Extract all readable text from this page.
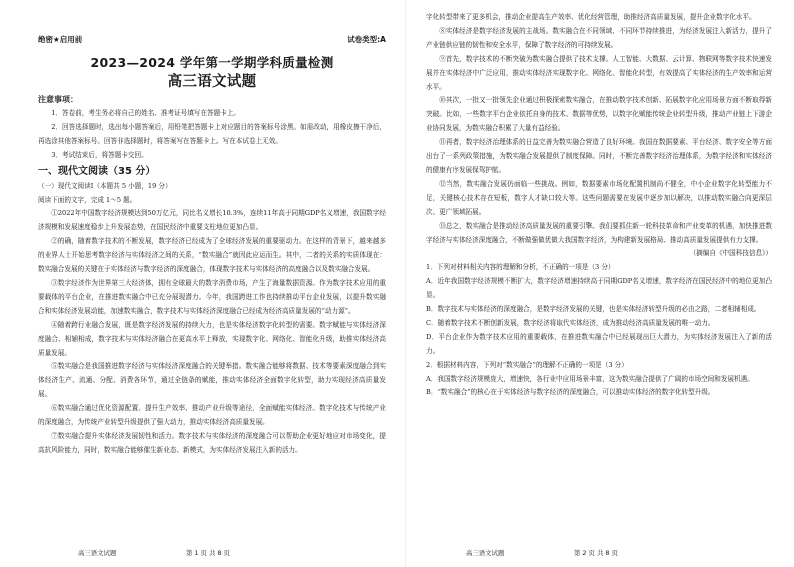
绝密★启用前	试卷类型:A
2023—2024 学年第一学期学科质量检测
高三语文试题
注意事项：

1．答卷前，考生务必将自己的姓名、准考证号填写在答题卡上。

2．回答选择题时，选出每小题答案后，用铅笔把答题卡上对应题目的答案标号涂黑。如需改动，用橡皮擦干净后，再选涂其他答案标号。回答非选择题时，将答案写在答题卡上。写在本试卷上无效。

3．考试结束后，将答题卡交回。

一、现代文阅读（35 分）

（一）现代文阅读I（本题共 5 小题，19 分）

阅读下面的文字，完成 1～5 题。

①2022年中国数字经济规模达到50万亿元，同比名义增长10.3%，连续11年高于同期GDP名义增速，我国数字经济规模和发展速度稳步上升发展态势，在国民经济中重要支柱地位更加凸显。

②的确，随着数字技术的不断发展，数字经济已经成为了全球经济发展的重要驱动力。在这样的背景下，越来越多的业界人士开始思考数字经济与实体经济之间的关系，“数实融合”就因此应运而生。其中，二者的关系的实质体现在：数实融合发展的关键在于实体经济与数字经济的深度融合，体现数字技术与实体经济的高度融合以及数实融合发展。

③数字经济作为世界第三大经济体，拥有全球最大的数字消费市场，产生了海量数据资源。作为数字技术应用的重要载体的平台企业，在推进数实融合中已充分展现潜力。今年，我国跨进工作也持续推动平台企业发展，以提升数实融合和实体经济发展动能，加速数实融合，数字技术与实体经济深度融合已经成为经济高质量发展的“动力源”。

④随着跨行业融合发展，既是数字经济发展的持续大力，也是实体经济数字化转型的需要。数字赋能与实体经济深度融合、相辅相成，数字技术与实体经济融合在更高水平上释放，实现数字化、网络化、智能化升级，助推实体经济高质量发展。

⑤数实融合是我国推进数字经济与实体经济深度融合的关键举措。数实融合能够将数据、技术等要素深度融合到实体经济生产、流通、分配、消费各环节，通过全链条的赋能，推动实体经济全面数字化转型，助力实现经济高质量发展。

⑥数实融合通过优化资源配置、提升生产效率、推动产业升级等途径，全面赋能实体经济。数字化技术与传统产业的深度融合，为传统产业转型升级提供了强大动力，推动实体经济高质量发展。

⑦数实融合提升实体经济发展韧性和活力。数字技术与实体经济的深度融合可以帮助企业更好地应对市场变化，提高抗风险能力，同时，数实融合能够催生新业态、新模式，为实体经济发展注入新的活力。

高三语文试题	第 1 页 共 8 页

字化转型带来了更多机会，推动企业提高生产效率、优化经营管理，助推经济高质量发展，提升企业数字化水平。

⑧实体经济是数字经济发展的主战场。数实融合在不同领域、不同环节持续推进，为经济发展注入新活力，提升了产业链供应链的韧性和安全水平，保障了数字经济的可持续发展。

⑨首先，数字技术的不断突破为数实融合提供了技术支撑。人工智能、大数据、云计算、物联网等数字技术快速发展并在实体经济中广泛应用，推动实体经济实现数字化、网络化、智能化转型，有效提高了实体经济的生产效率和运营水平。

⑩其次，一批又一批领先企业通过积极探索数实融合，在推动数字技术创新、拓展数字化应用场景方面不断取得新突破。比如，一些数字平台企业依托自身的技术、数据等优势，以数字化赋能传统企业转型升级，推动产业链上下游企业协同发展，为数实融合积累了大量有益经验。

⑪再者，数字经济治理体系的日益完善为数实融合营造了良好环境。我国在数据要素、平台经济、数字安全等方面出台了一系列政策措施，为数实融合发展提供了制度保障。同时，不断完善数字经济治理体系，为数字经济和实体经济的健康有序发展保驾护航。

⑫当然，数实融合发展仍面临一些挑战。例如，数据要素市场化配置机制尚不健全，中小企业数字化转型能力不足，关键核心技术存在短板，数字人才缺口较大等。这些问题需要在发展中逐步加以解决，以推动数实融合向更深层次、更广领域拓展。

⑬总之，数实融合是推动经济高质量发展的重要引擎。我们要抓住新一轮科技革命和产业变革的机遇，加快推进数字经济与实体经济深度融合，不断做强做优做大我国数字经济，为构建新发展格局、推动高质量发展提供有力支撑。

（摘编自《中国科技信息》）

1．下列对材料相关内容的理解和分析，不正确的一项是（3 分）

A．近年我国数字经济规模不断扩大，数字经济增速持续高于同期GDP名义增速，数字经济在国民经济中的地位更加凸显。

B．数字技术与实体经济的深度融合，是数字经济发展的关键，也是实体经济转型升级的必由之路，二者相辅相成。

C．随着数字技术不断创新发展，数字经济将取代实体经济，成为推动经济高质量发展的唯一动力。

D．平台企业作为数字技术应用的重要载体，在推进数实融合中已经展现出巨大潜力，为实体经济发展注入了新的活力。

2．根据材料内容，下列对“数实融合”的理解不正确的一项是（3 分）

A．我国数字经济规模庞大，增速快，各行业中应用场景丰富，这为数实融合提供了广阔的市场空间和发展机遇。

B．“数实融合”的核心在于实体经济与数字经济的深度融合，可以推动实体经济的数字化转型升级。

高三语文试题	第 2 页 共 8 页
